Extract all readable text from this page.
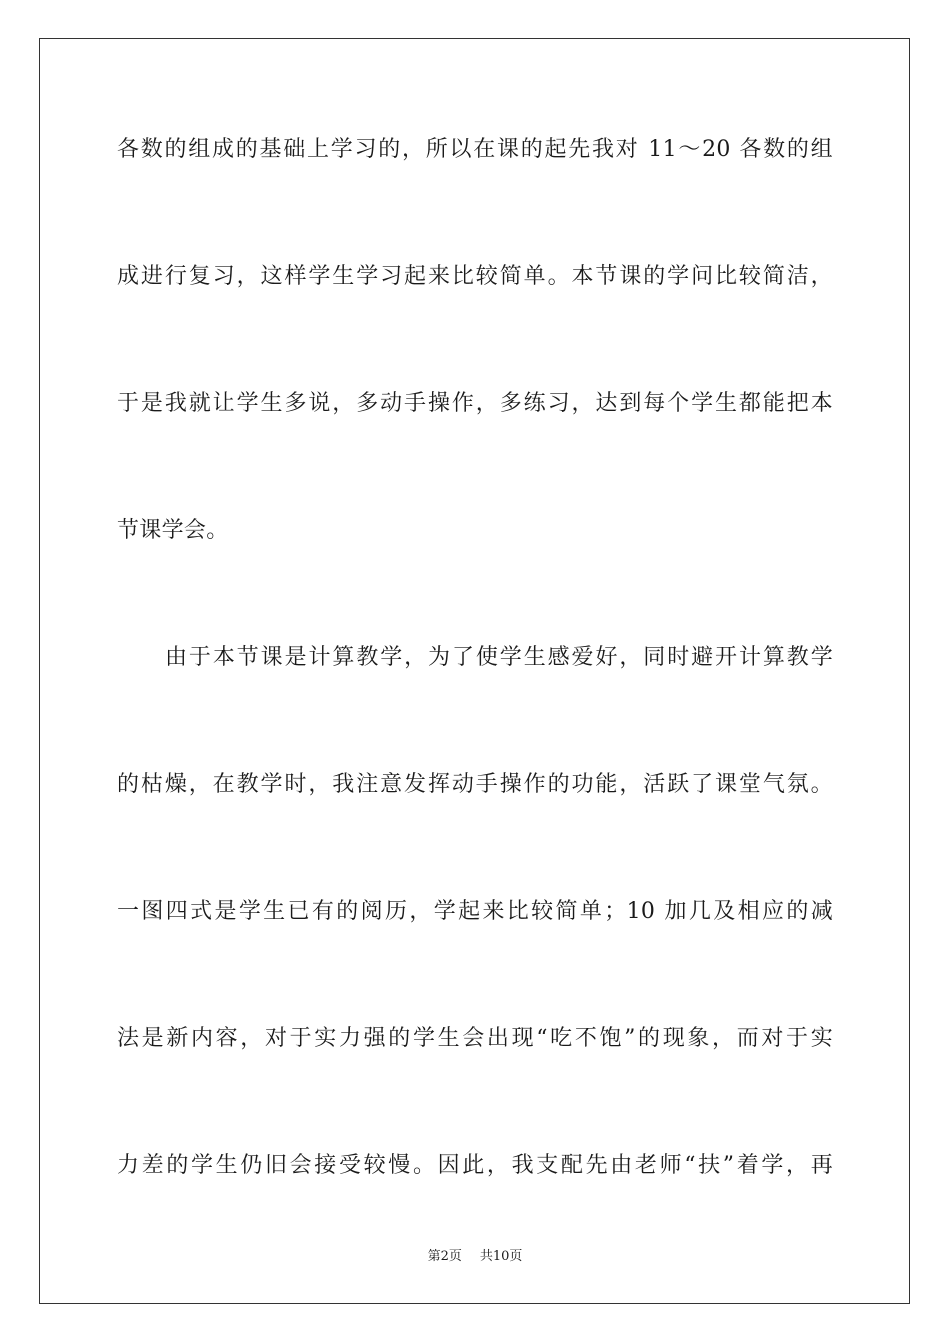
各数的组成的基础上学习的，所以在课的起先我对 11～20 各数的组
成进行复习，这样学生学习起来比较简单。本节课的学问比较简洁，
于是我就让学生多说，多动手操作，多练习，达到每个学生都能把本
节课学会。
由于本节课是计算教学，为了使学生感爱好，同时避开计算教学
的枯燥，在教学时，我注意发挥动手操作的功能，活跃了课堂气氛。
一图四式是学生已有的阅历，学起来比较简单；10 加几及相应的减
法是新内容，对于实力强的学生会出现“吃不饱”的现象，而对于实
力差的学生仍旧会接受较慢。因此，我支配先由老师“扶”着学，再
第2页 共10页
